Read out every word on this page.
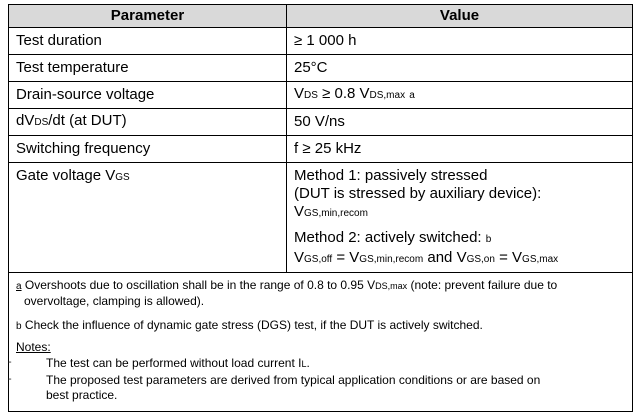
Parameter	Value
Test duration	≥ 1 000 h
Test temperature	25°C
Drain-source voltage	VDS ≥ 0.8 VDS,max a
dVDS/dt (at DUT)	50 V/ns
Switching frequency	f ≥ 25 kHz
Gate voltage VGS	Method 1: passively stressed
(DUT is stressed by auxiliary device):
VGS,min,recom
Method 2: actively switched: b
VGS,off = VGS,min,recom and VGS,on = VGS,max
a Overshoots due to oscillation shall be in the range of 0.8 to 0.95 VDS,max (note: prevent failure due to
overvoltage, clamping is allowed).
b Check the influence of dynamic gate stress (DGS) test, if the DUT is actively switched.
Notes:
-	The test can be performed without load current IL.
-	The proposed test parameters are derived from typical application conditions or are based on
best practice.
